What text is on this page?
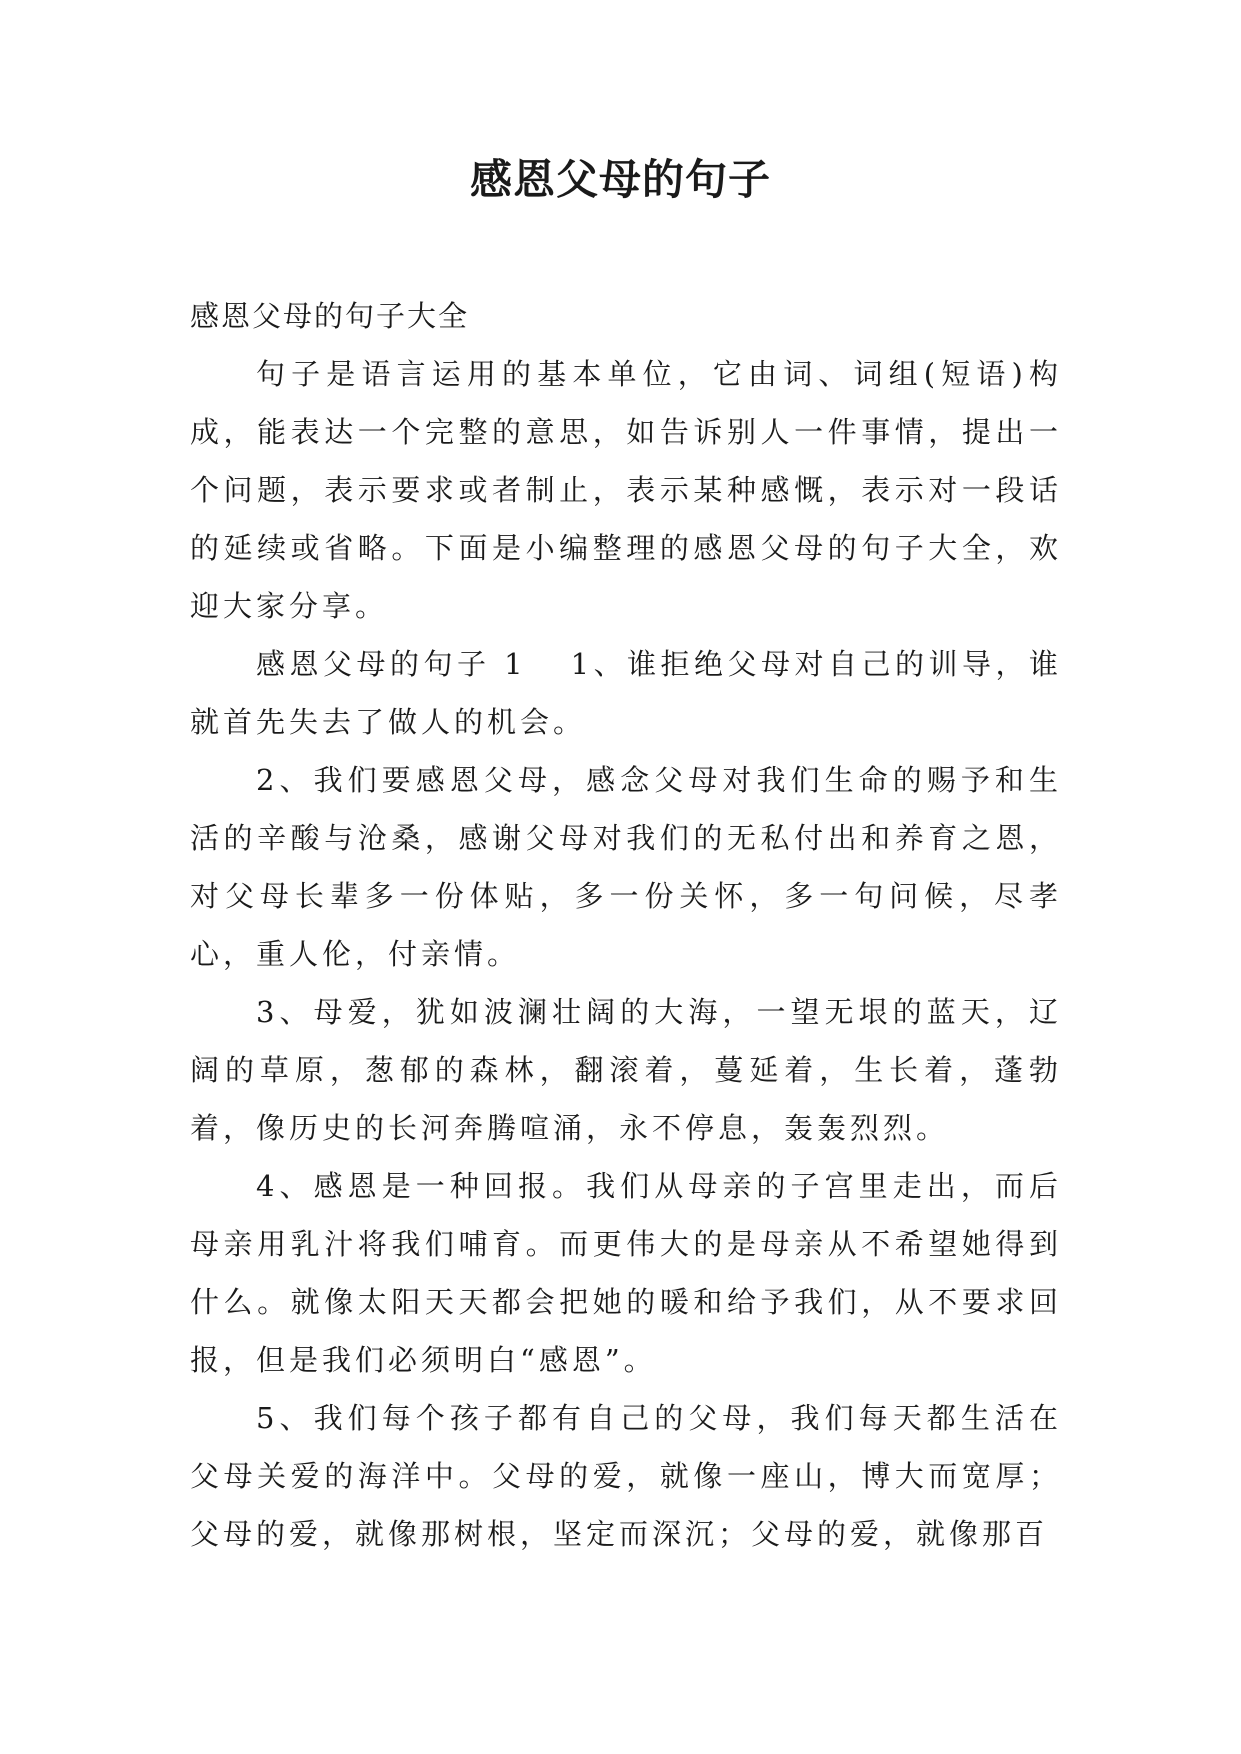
感恩父母的句子

感恩父母的句子大全

句子是语言运用的基本单位，它由词、词组(短语)构成，能表达一个完整的意思，如告诉别人一件事情，提出一个问题，表示要求或者制止，表示某种感慨，表示对一段话的延续或省略。下面是小编整理的感恩父母的句子大全，欢迎大家分享。

感恩父母的句子 1 1、谁拒绝父母对自己的训导，谁就首先失去了做人的机会。

2、我们要感恩父母，感念父母对我们生命的赐予和生活的辛酸与沧桑，感谢父母对我们的无私付出和养育之恩，对父母长辈多一份体贴，多一份关怀，多一句问候，尽孝心，重人伦，付亲情。

3、母爱，犹如波澜壮阔的大海，一望无垠的蓝天，辽阔的草原，葱郁的森林，翻滚着，蔓延着，生长着，蓬勃着，像历史的长河奔腾喧涌，永不停息，轰轰烈烈。

4、感恩是一种回报。我们从母亲的子宫里走出，而后母亲用乳汁将我们哺育。而更伟大的是母亲从不希望她得到什么。就像太阳天天都会把她的暖和给予我们，从不要求回报，但是我们必须明白“感恩”。

5、我们每个孩子都有自己的父母，我们每天都生活在父母关爱的海洋中。父母的爱，就像一座山，博大而宽厚；父母的爱，就像那树根，坚定而深沉；父母的爱，就像那百
